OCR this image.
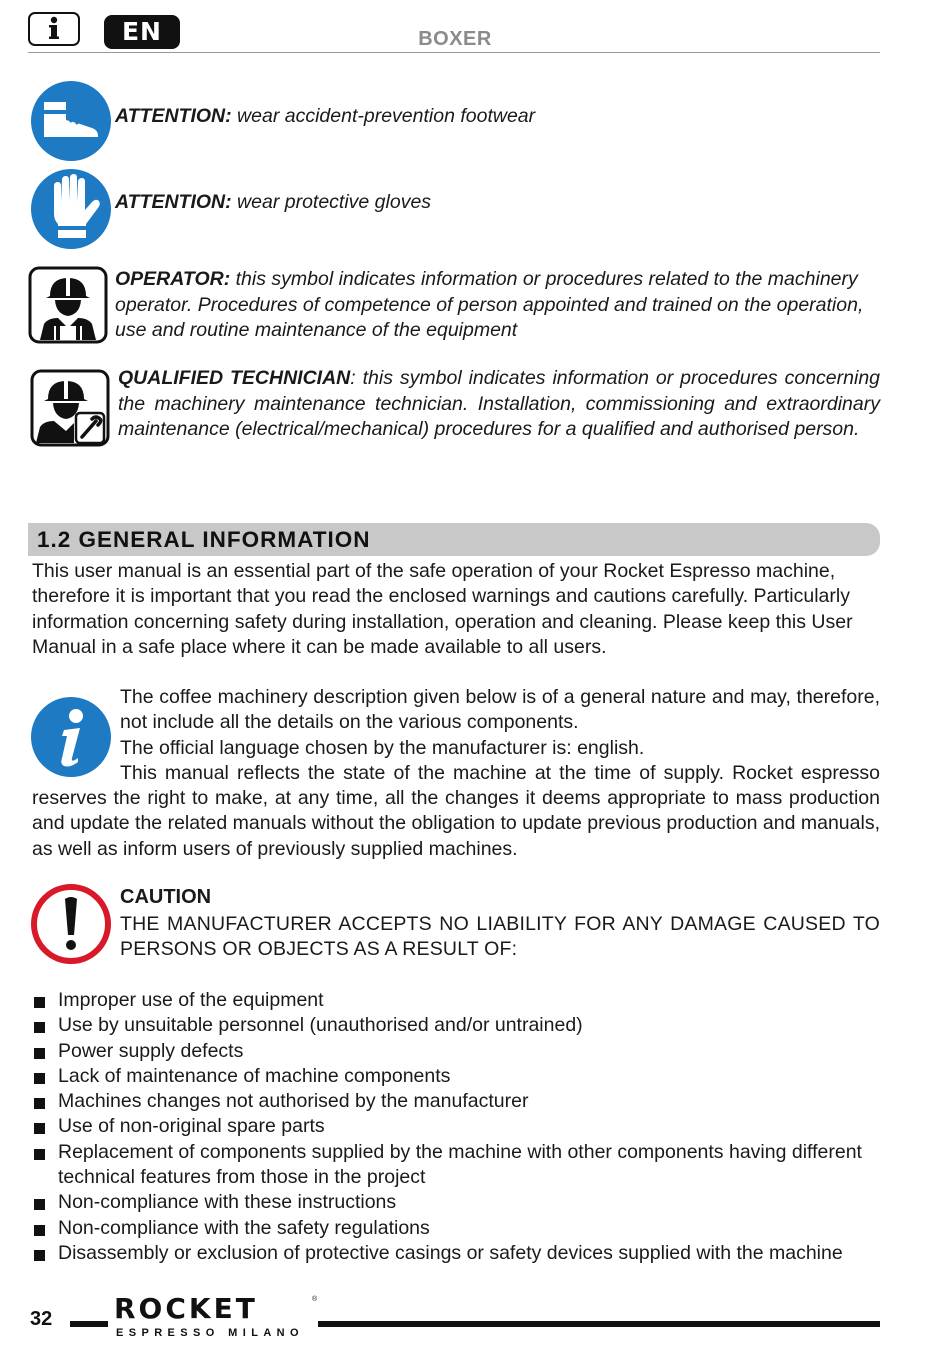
EN	BOXER
ATTENTION: wear accident-prevention footwear
ATTENTION: wear protective gloves
OPERATOR: this symbol indicates information or procedures related to the machinery operator. Procedures of competence of person appointed and trained on the operation, use and routine maintenance of the equipment
QUALIFIED TECHNICIAN: this symbol indicates information or procedures concerning the machinery maintenance technician. Installation, commissioning and extraordinary maintenance (electrical/mechanical) procedures for a qualified and authorised person.
1.2 GENERAL INFORMATION
This user manual is an essential part of the safe operation of your Rocket Espresso machine, therefore it is important that you read the enclosed warnings and cautions carefully. Particularly information concerning safety during installation, operation and cleaning. Please keep this User Manual in a safe place where it can be made available to all users.
The coffee machinery description given below is of a general nature and may, therefore, not include all the details on the various components.
The official language chosen by the manufacturer is: english.
This manual reflects the state of the machine at the time of supply. Rocket espresso reserves the right to make, at any time, all the changes it deems appropriate to mass production and update the related manuals without the obligation to update previous production and manuals, as well as inform users of previously supplied machines.
CAUTION
THE MANUFACTURER ACCEPTS NO LIABILITY FOR ANY DAMAGE CAUSED TO PERSONS OR OBJECTS AS A RESULT OF:
Improper use of the equipment
Use by unsuitable personnel (unauthorised and/or untrained)
Power supply defects
Lack of maintenance of machine components
Machines changes not authorised by the manufacturer
Use of non-original spare parts
Replacement of components supplied by the machine with other components having different technical features from those in the project
Non-compliance with these instructions
Non-compliance with the safety regulations
Disassembly or exclusion of protective casings or safety devices supplied with the machine
32 ROCKET	®
ESPRESSO MILANO
